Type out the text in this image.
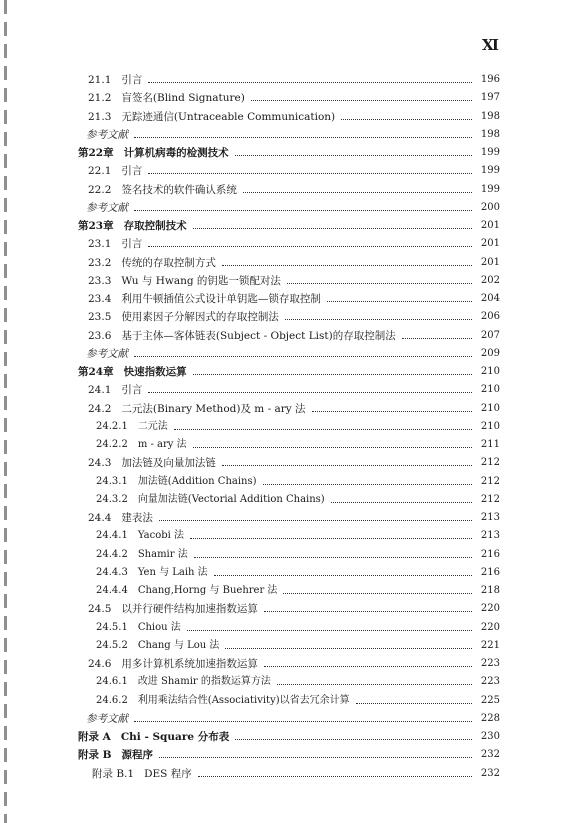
Ⅺ
21.1 引言	196
21.2 盲签名(Blind Signature)	197
21.3 无踪迹通信(Untraceable Communication)	198
参考文献	198
第22章 计算机病毒的检测技术	199
22.1 引言	199
22.2 签名技术的软件确认系统	199
参考文献	200
第23章 存取控制技术	201
23.1 引言	201
23.2 传统的存取控制方式	201
23.3 Wu 与 Hwang 的钥匙一锁配对法	202
23.4 利用牛顿插值公式设计单钥匙—锁存取控制	204
23.5 使用素因子分解因式的存取控制法	206
23.6 基于主体—客体链表(Subject - Object List)的存取控制法	207
参考文献	209
第24章 快速指数运算	210
24.1 引言	210
24.2 二元法(Binary Method)及 m - ary 法	210
24.2.1 二元法	210
24.2.2 m - ary 法	211
24.3 加法链及向量加法链	212
24.3.1 加法链(Addition Chains)	212
24.3.2 向量加法链(Vectorial Addition Chains)	212
24.4 建表法	213
24.4.1 Yacobi 法	213
24.4.2 Shamir 法	216
24.4.3 Yen 与 Laih 法	216
24.4.4 Chang,Horng 与 Buehrer 法	218
24.5 以并行硬件结构加速指数运算	220
24.5.1 Chiou 法	220
24.5.2 Chang 与 Lou 法	221
24.6 用多计算机系统加速指数运算	223
24.6.1 改进 Shamir 的指数运算方法	223
24.6.2 利用乘法结合性(Associativity)以省去冗余计算	225
参考文献	228
附录 A Chi - Square 分布表	230
附录 B 源程序	232
附录 B.1 DES 程序	232
